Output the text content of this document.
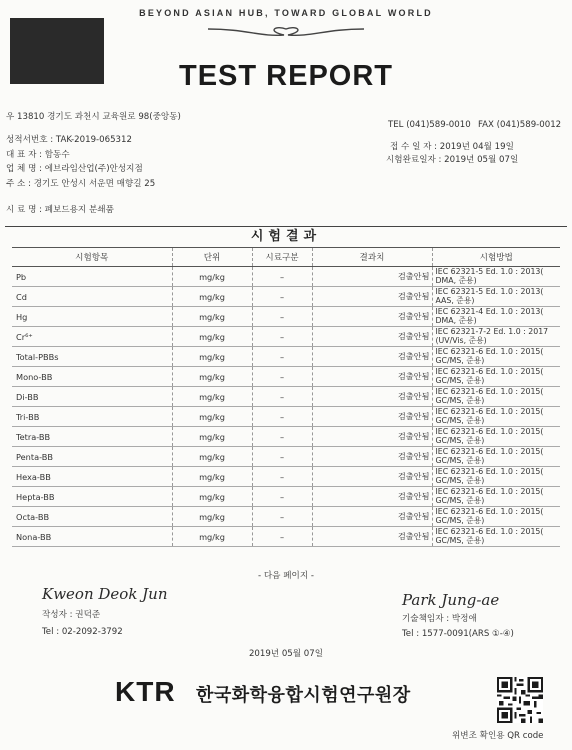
BEYOND ASIAN HUB, TOWARD GLOBAL WORLD
TEST REPORT
우 13810 경기도 과천시 교육원로 98(중앙동)
성적서번호 : TAK-2019-065312
대 표 자 : 함동수
업 체 명 : 에브라임산업(주)안성지점
주 소 : 경기도 안성시 서운면 매향길 25
시 료 명 : 폐보드용지 분쇄품
TEL (041)589-0010 FAX (041)589-0012
접 수 일 자 : 2019년 04월 19일
시험완료일자 : 2019년 05월 07일
시험결과
시험항목	단위	시료구분	결과치	시험방법
Pb	mg/kg	–	검출안됨	IEC 62321-5 Ed. 1.0 : 2013( DMA, 준용)
Cd	mg/kg	–	검출안됨	IEC 62321-5 Ed. 1.0 : 2013( AAS, 준용)
Hg	mg/kg	–	검출안됨	IEC 62321-4 Ed. 1.0 : 2013( DMA, 준용)
Cr⁶⁺	mg/kg	–	검출안됨	IEC 62321-7-2 Ed. 1.0 : 2017 (UV/Vis, 준용)
Total-PBBs	mg/kg	–	검출안됨	IEC 62321-6 Ed. 1.0 : 2015( GC/MS, 준용)
Mono-BB	mg/kg	–	검출안됨	IEC 62321-6 Ed. 1.0 : 2015( GC/MS, 준용)
Di-BB	mg/kg	–	검출안됨	IEC 62321-6 Ed. 1.0 : 2015( GC/MS, 준용)
Tri-BB	mg/kg	–	검출안됨	IEC 62321-6 Ed. 1.0 : 2015( GC/MS, 준용)
Tetra-BB	mg/kg	–	검출안됨	IEC 62321-6 Ed. 1.0 : 2015( GC/MS, 준용)
Penta-BB	mg/kg	–	검출안됨	IEC 62321-6 Ed. 1.0 : 2015( GC/MS, 준용)
Hexa-BB	mg/kg	–	검출안됨	IEC 62321-6 Ed. 1.0 : 2015( GC/MS, 준용)
Hepta-BB	mg/kg	–	검출안됨	IEC 62321-6 Ed. 1.0 : 2015( GC/MS, 준용)
Octa-BB	mg/kg	–	검출안됨	IEC 62321-6 Ed. 1.0 : 2015( GC/MS, 준용)
Nona-BB	mg/kg	–	검출안됨	IEC 62321-6 Ed. 1.0 : 2015( GC/MS, 준용)
- 다음 페이지 -
Kweon Deok Jun
작성자 : 권덕준
Tel : 02-2092-3792
Park Jung-ae
기술책임자 : 박정애
Tel : 1577-0091(ARS ①-④)
2019년 05월 07일
KTR 한국화학융합시험연구원장
위변조 확인용 QR code
